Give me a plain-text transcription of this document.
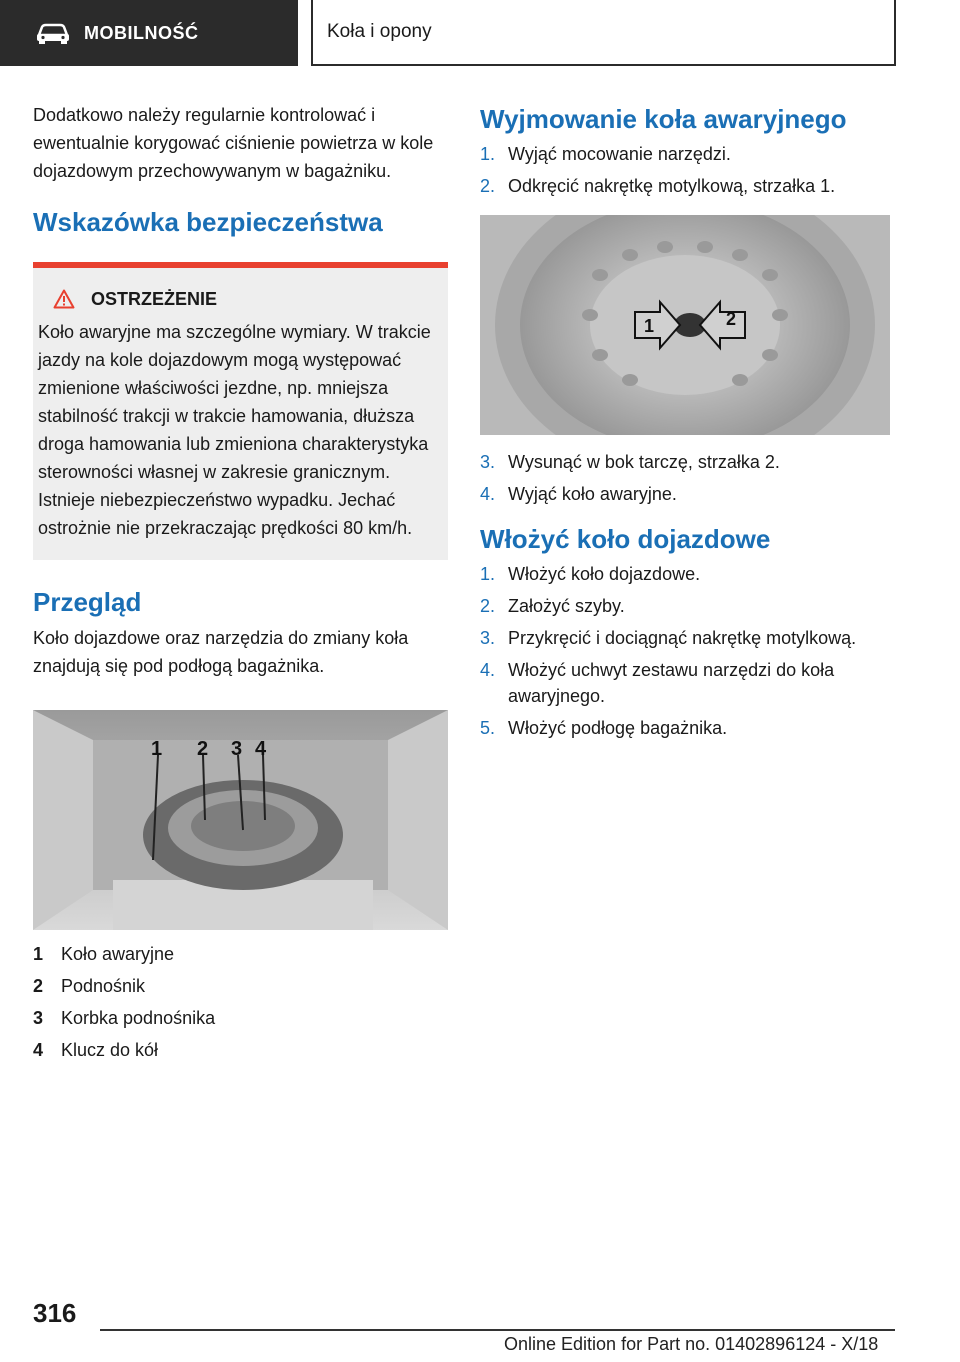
MOBILNOŚĆ	Koła i opony

Dodatkowo należy regularnie kontrolować i ewentualnie korygować ciśnienie powietrza w kole dojazdowym przechowywanym w bagażniku.

Wskazówka bezpieczeństwa
OSTRZEŻENIE

Koło awaryjne ma szczególne wymiary. W trakcie jazdy na kole dojazdowym mogą występować zmienione właściwości jezdne, np. mniejsza stabilność trakcji w trakcie hamowania, dłuższa droga hamowania lub zmieniona charakterystyka sterowności własnej w zakresie granicznym. Istnieje niebezpieczeństwo wypadku. Jechać ostrożnie nie przekraczając prędkości 80 km/h.

Przegląd

Koło dojazdowe oraz narzędzia do zmiany koła znajdują się pod podłogą bagażnika.

1 2 3 4
1 Koło awaryjne
2 Podnośnik
3 Korbka podnośnika
4 Klucz do kół
Wyjmowanie koła awaryjnego
1. Wyjąć mocowanie narzędzi.
2. Odkręcić nakrętkę motylkową, strzałka 1.
1	2
3. Wysunąć w bok tarczę, strzałka 2.
4. Wyjąć koło awaryjne.
Włożyć koło dojazdowe
1. Włożyć koło dojazdowe.
2. Założyć szyby.
3. Przykręcić i dociągnąć nakrętkę motylkową.
4. Włożyć uchwyt zestawu narzędzi do koła awaryjnego.
5. Włożyć podłogę bagażnika.
316
Online Edition for Part no. 01402896124 - X/18
